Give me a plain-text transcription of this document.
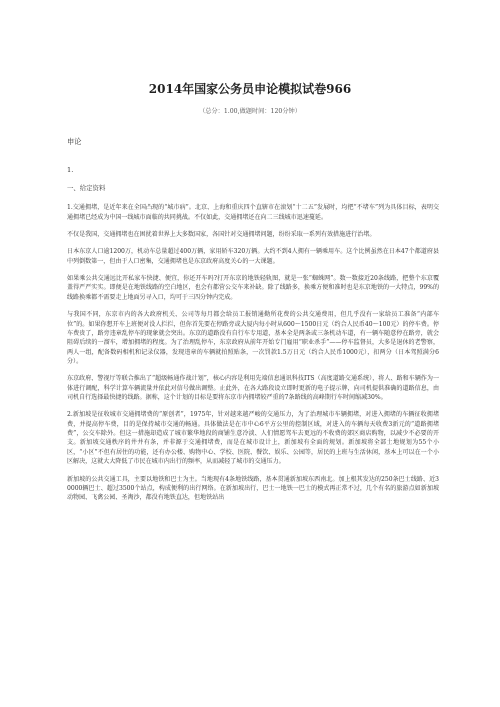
2014年国家公务员申论模拟试卷966
（总分：1.00,做题时间：120分钟）

申论

1.

一、给定资料

1.交通拥堵，是近年来在全国凸现的“城市病”。北京、上海和重庆四个直辖市在滚划“十二五”发展时，均把“不堵车”列为具体目标，表明交通拥堵已经成为中国一线城市面临的共同挑战。不仅如此，交通拥堵还在向二三线城市迅速蔓延。

不仅是我国，交通拥堵也在困扰着世界上大多数国家，各国针对交通拥堵问题，纷纷采取一系列有效措施进行治堵。

日本东京人口逾1200万，机动车总量超过400万辆，家用轿车320万辆。大约不到4人拥有一辆乘用车。这个比例虽然在日本47个都道府县中列倒数第一，但由于人口密集，交通拥堵也是东京政府高度关心的一大课题。

如果乘公共交通远比开私家车快捷、便宜，你还开车吗?打开东京的地铁轻轨图，就是一张“蜘蛛网”。数一数接近20条线路，把整个东京覆盖得严严实实。即便是在地铁线路的空白地区，也会有都营公交车来补缺。除了线路多，换乘方便和准时也是东京地铁的一大特点，99%的线路换乘都不需要走上地面另寻入口，均可于三四分钟内完成。

与我国不同，东京市内的各大政府机关、公司等每月都会给员工报销通勤所花费的公共交通费用，但几乎没有一家给员工准备“内部车位”的。如果你想开车上班便对没人拦拦，但你首先要在停路旁或大厦内每小时从600～1500日元（约合人民币40～100元）的停车费。停车费贵了，路旁违章乱停车的现象就会突出。东京的道路没有自行车专用道，基本全是两条或三条机动车道，有一辆车随意停在路旁，就会阻碍后续的一溜车，增加拥堵的程度。为了治理乱停车，东京政府从前年开始专门雇用“职业杀手”——停车监督员，大多是退休的老警察，两人一组，配备数码相机和记录仪器，发现违章的车辆就拍照贴条，一次罚款1.5万日元（约合人民币1000元），扣两分（日本驾照满分6分）。

东京政府、警视厅等联合推出了“超级畅通作战计划”，核心内容是利用先端信息通讯科技ITS（高度道路交通系统），将人、路和车辆作为一体进行调配，科学计算车辆流量并依此对信号做出调整。止此外，在各大路段设立即时更新的电子提示牌，向司机提供准确的道路信息，由司机自行选择最快捷的线路。据称，这个计划的目标是要将东京市内拥堵较严重的7条路线的高峰期行车时间缩减30%。

2.新加坡是征收城市交通拥堵费的“原创者”，1975年，针对越来越严峻的交通压力，为了治理城市车辆拥堵，对进入拥堵的车辆征收拥堵费，并提高停车费，目的是保持城市交通的畅通。具体做法是在市中心6平方公里的控制区域，对进入的车辆每天收费3新元的“道路拥堵费”，公交车除外。但这一措施却造成了城市繁华地段的商铺生意冷淡、人们情愿驾车去更远的不收费的郊区商店购物，以减少不必要的开支。新加坡交通秩序的井井有条，并非源于交通拥堵费，而是在城市设计上，新加坡有全面的规划。新加坡将全部土地规划为55个小区，“小区”不但有居住的功能，还有办公楼、购物中心、学校、医院、餐饮、娱乐、公园等，居民的上班与生活休闲，基本上可以在一个小区解决，这就大大降低了市民在城市内出行的频率，从而减轻了城市的交通压力。

新加坡的公共交通工具，主要以地铁和巴士为主。当地现有4条地铁线路，基本贯通新加坡东西南北。加上根其发达的250条巴士线路、近30000辆巴士、超过3500个站点，构成便利的出行网络。在新加坡出行，巴士一地铁一巴士的模式再正常不过，几个有名的旅游点如新加坡动物园、飞禽公园、圣淘沙，都没有地铁直达，但地铁站出
